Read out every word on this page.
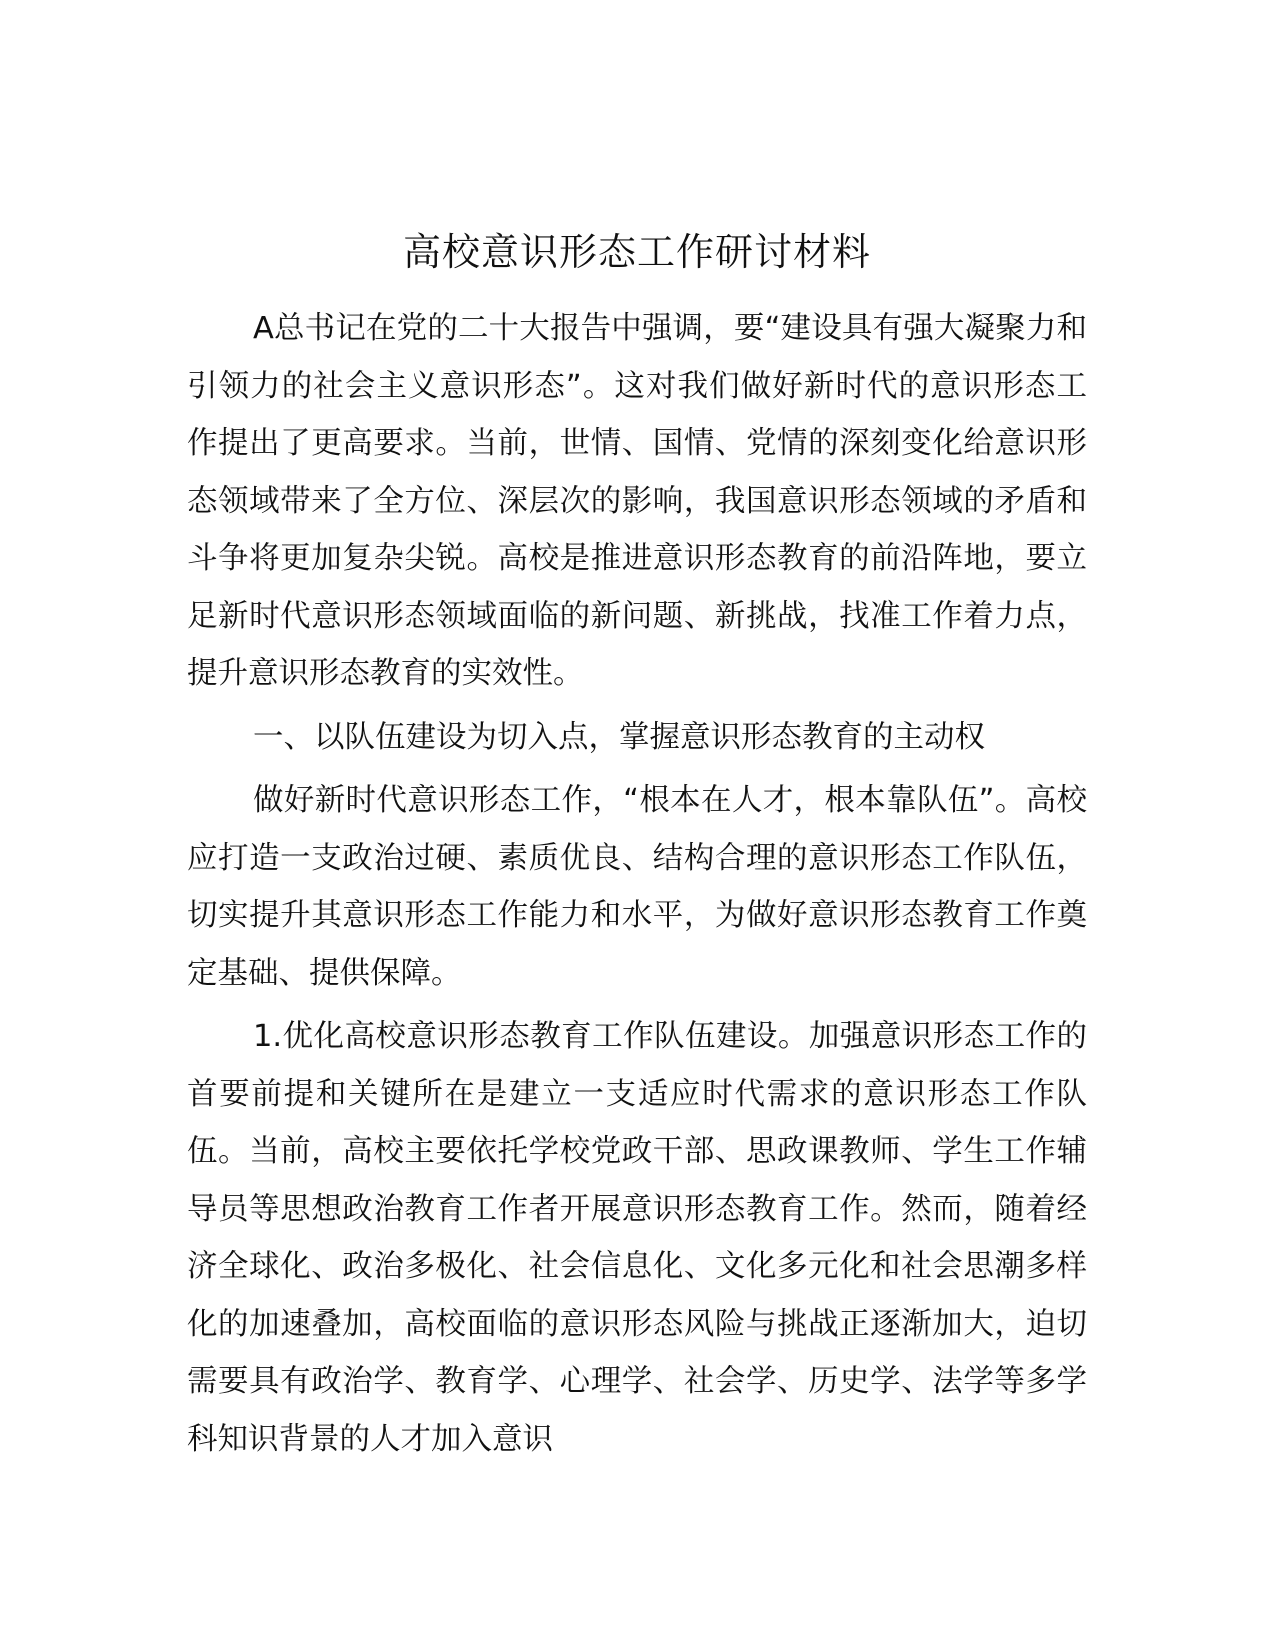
高校意识形态工作研讨材料

A总书记在党的二十大报告中强调，要“建设具有强大凝聚力和引领力的社会主义意识形态”。这对我们做好新时代的意识形态工作提出了更高要求。当前，世情、国情、党情的深刻变化给意识形态领域带来了全方位、深层次的影响，我国意识形态领域的矛盾和斗争将更加复杂尖锐。高校是推进意识形态教育的前沿阵地，要立足新时代意识形态领域面临的新问题、新挑战，找准工作着力点，提升意识形态教育的实效性。

一、以队伍建设为切入点，掌握意识形态教育的主动权

做好新时代意识形态工作，“根本在人才，根本靠队伍”。高校应打造一支政治过硬、素质优良、结构合理的意识形态工作队伍，切实提升其意识形态工作能力和水平，为做好意识形态教育工作奠定基础、提供保障。

1.优化高校意识形态教育工作队伍建设。加强意识形态工作的首要前提和关键所在是建立一支适应时代需求的意识形态工作队伍。当前，高校主要依托学校党政干部、思政课教师、学生工作辅导员等思想政治教育工作者开展意识形态教育工作。然而，随着经济全球化、政治多极化、社会信息化、文化多元化和社会思潮多样化的加速叠加，高校面临的意识形态风险与挑战正逐渐加大，迫切需要具有政治学、教育学、心理学、社会学、历史学、法学等多学科知识背景的人才加入意识
